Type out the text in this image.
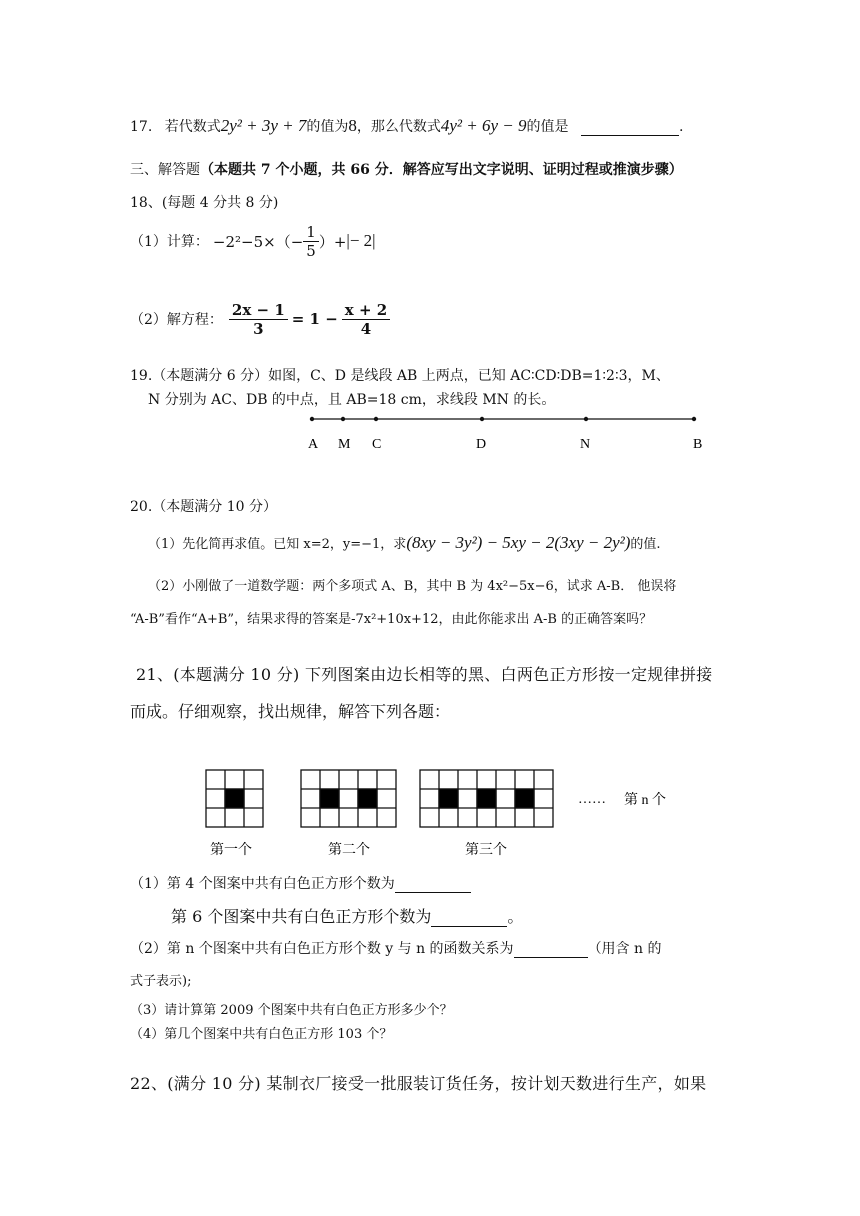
17. 若代数式2y² + 3y + 7的值为8，那么代数式4y² + 6y − 9的值是	.
三、解答题（本题共 7 个小题，共 66 分．解答应写出文字说明、证明过程或推演步骤）
18、(每题 4 分共 8 分)
（1）计算： $-2^2-5\times(- \frac{1}{5}$ ）+ |− 2|
（2）解方程： $\frac{2x - 1}{3} = 1 - \frac{x + 2}{4}$
19.（本题满分 6 分）如图，C、D 是线段 AB 上两点，已知 AC∶CD∶DB=1∶2∶3，M、
N 分别为 AC、DB 的中点，且 AB=18 cm，求线段 MN 的长。
A M C	D	N	B
20.（本题满分 10 分）
（1）先化简再求值。已知 x=2，y=−1，求(8xy − 3y²) − 5xy − 2(3xy − 2y²)的值.
（2）小刚做了一道数学题：两个多项式 A、B，其中 B 为 4x²−5x−6，试求 A-B． 他误将
“A-B”看作“A+B”，结果求得的答案是-7x²+10x+12，由此你能求出 A-B 的正确答案吗？
21、(本题满分 10 分) 下列图案由边长相等的黑、白两色正方形按一定规律拼接
而成。仔细观察，找出规律，解答下列各题：
…… 第 n 个
第一个	第二个	第三个
（1）第 4 个图案中共有白色正方形个数为
第 6 个图案中共有白色正方形个数为	。
（2）第 n 个图案中共有白色正方形个数 y 与 n 的函数关系为	（用含 n 的
式子表示);
（3）请计算第 2009 个图案中共有白色正方形多少个？
（4）第几个图案中共有白色正方形 103 个？
22、(满分 10 分) 某制衣厂接受一批服装订货任务，按计划天数进行生产，如果
